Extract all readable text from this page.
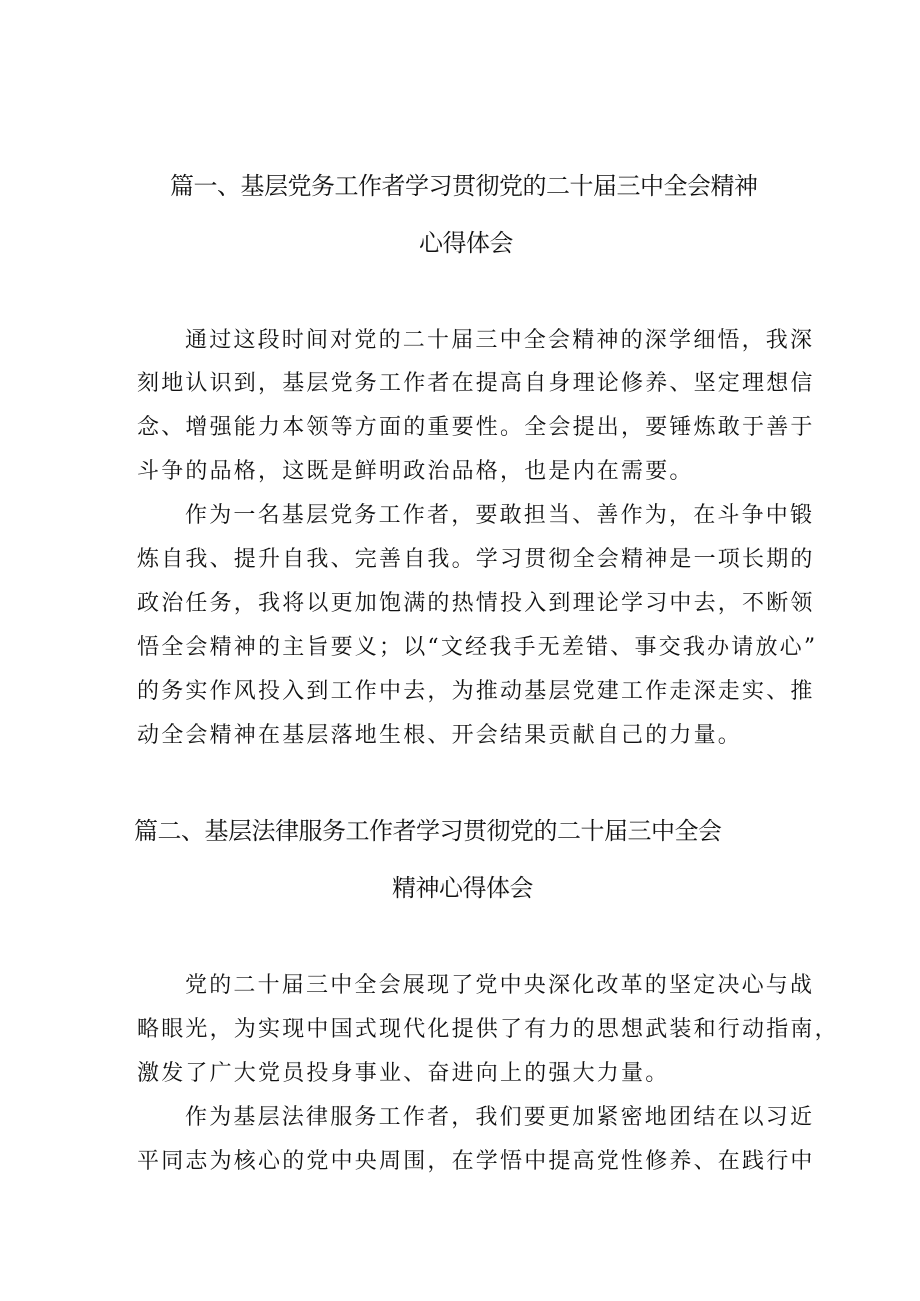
篇一、基层党务工作者学习贯彻党的二十届三中全会精神
心得体会
通过这段时间对党的二十届三中全会精神的深学细悟，我深
刻地认识到，基层党务工作者在提高自身理论修养、坚定理想信
念、增强能力本领等方面的重要性。全会提出，要锤炼敢于善于
斗争的品格，这既是鲜明政治品格，也是内在需要。
作为一名基层党务工作者，要敢担当、善作为，在斗争中锻
炼自我、提升自我、完善自我。学习贯彻全会精神是一项长期的
政治任务，我将以更加饱满的热情投入到理论学习中去，不断领
悟全会精神的主旨要义；以“文经我手无差错、事交我办请放心”
的务实作风投入到工作中去，为推动基层党建工作走深走实、推
动全会精神在基层落地生根、开会结果贡献自己的力量。
篇二、基层法律服务工作者学习贯彻党的二十届三中全会
精神心得体会
党的二十届三中全会展现了党中央深化改革的坚定决心与战
略眼光，为实现中国式现代化提供了有力的思想武装和行动指南，
激发了广大党员投身事业、奋进向上的强大力量。
作为基层法律服务工作者，我们要更加紧密地团结在以习近
平同志为核心的党中央周围，在学悟中提高党性修养、在践行中
